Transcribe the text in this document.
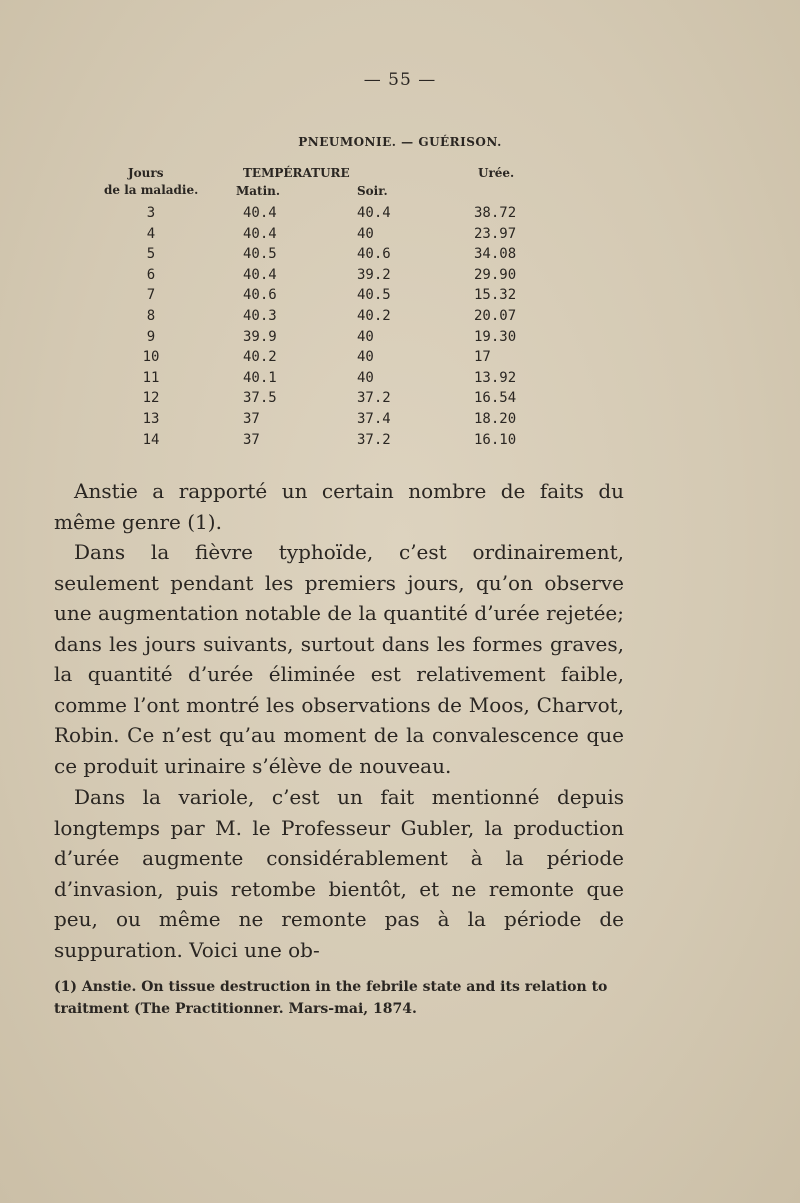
— 55 —
PNEUMONIE. — GUÉRISON.
Jours
de la maladie.
TEMPÉRATURE	Urée.
Matin.	Soir.
3	40.4	40.4	38.72
4	40.4	40	23.97
5	40.5	40.6	34.08
6	40.4	39.2	29.90
7	40.6	40.5	15.32
8	40.3	40.2	20.07
9	39.9	40	19.30
10	40.2	40	17
11	40.1	40	13.92
12	37.5	37.2	16.54
13	37	37.4	18.20
14	37	37.2	16.10
Anstie a rapporté un certain nombre de faits du même genre (1).
Dans la fièvre typhoïde, c’est ordinairement, seulement pendant les premiers jours, qu’on observe une augmentation notable de la quantité d’urée rejetée; dans les jours suivants, surtout dans les formes graves, la quantité d’urée éliminée est relativement faible, comme l’ont montré les observations de Moos, Charvot, Robin. Ce n’est qu’au moment de la convalescence que ce produit urinaire s’élève de nouveau.
Dans la variole, c’est un fait mentionné depuis longtemps par M. le Professeur Gubler, la production d’urée augmente considérablement à la période d’invasion, puis retombe bientôt, et ne remonte que peu, ou même ne remonte pas à la période de suppuration. Voici une ob-
(1) Anstie. On tissue destruction in the febrile state and its relation to traitment (The Practitionner. Mars-mai, 1874.
